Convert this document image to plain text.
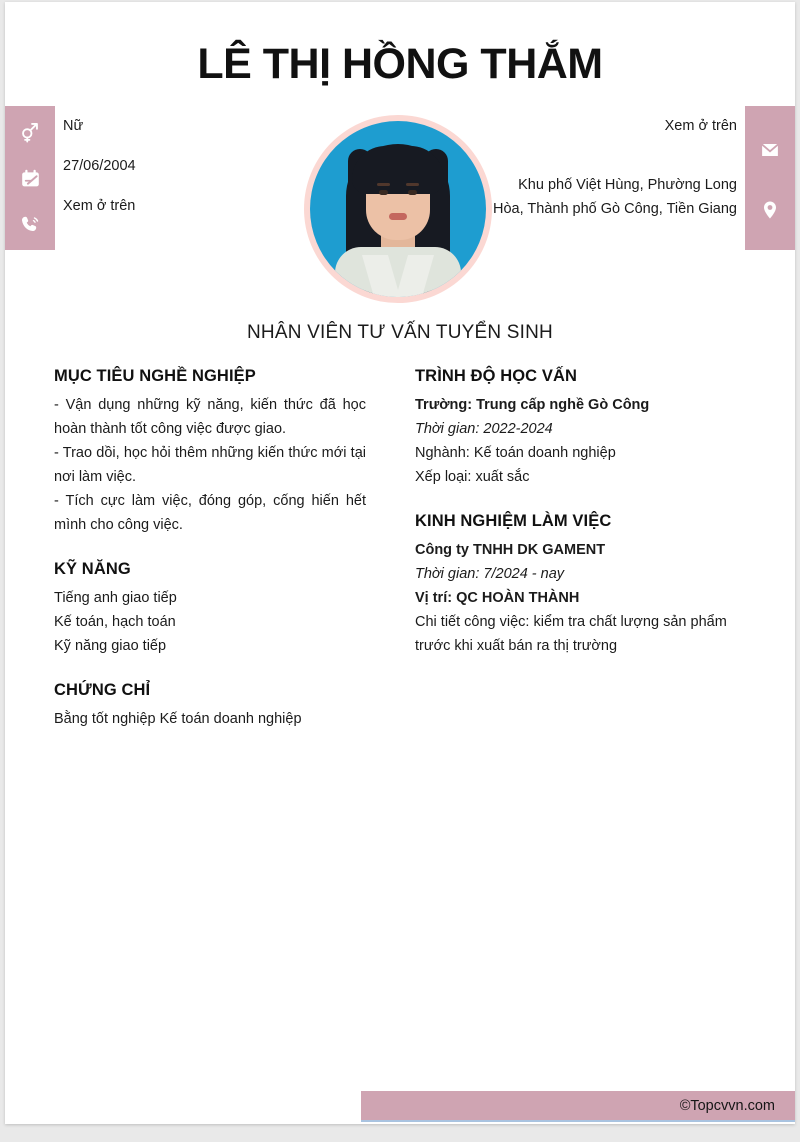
LÊ THỊ HỒNG THẮM
Nữ
27/06/2004
Xem ở trên
Xem ở trên
Khu phố Việt Hùng, Phường Long Hòa, Thành phố Gò Công, Tiền Giang
NHÂN VIÊN TƯ VẤN TUYỂN SINH
MỤC TIÊU NGHỀ NGHIỆP
- Vận dụng những kỹ năng, kiến thức đã học hoàn thành tốt công việc được giao.
- Trao dồi, học hỏi thêm những kiến thức mới tại nơi làm việc.
- Tích cực làm việc, đóng góp, cống hiến hết mình cho công việc.
KỸ NĂNG
Tiếng anh giao tiếp
Kế toán, hạch toán
Kỹ năng giao tiếp
CHỨNG CHỈ
Bằng tốt nghiệp Kế toán doanh nghiệp
TRÌNH ĐỘ HỌC VẤN
Trường: Trung cấp nghề Gò Công
Thời gian: 2022-2024
Nghành: Kế toán doanh nghiệp
Xếp loại: xuất sắc
KINH NGHIỆM LÀM VIỆC
Công ty TNHH DK GAMENT
Thời gian: 7/2024 - nay
Vị trí: QC HOÀN THÀNH
Chi tiết công việc: kiểm tra chất lượng sản phẩm trước khi xuất bán ra thị trường
©Topcvvn.com
